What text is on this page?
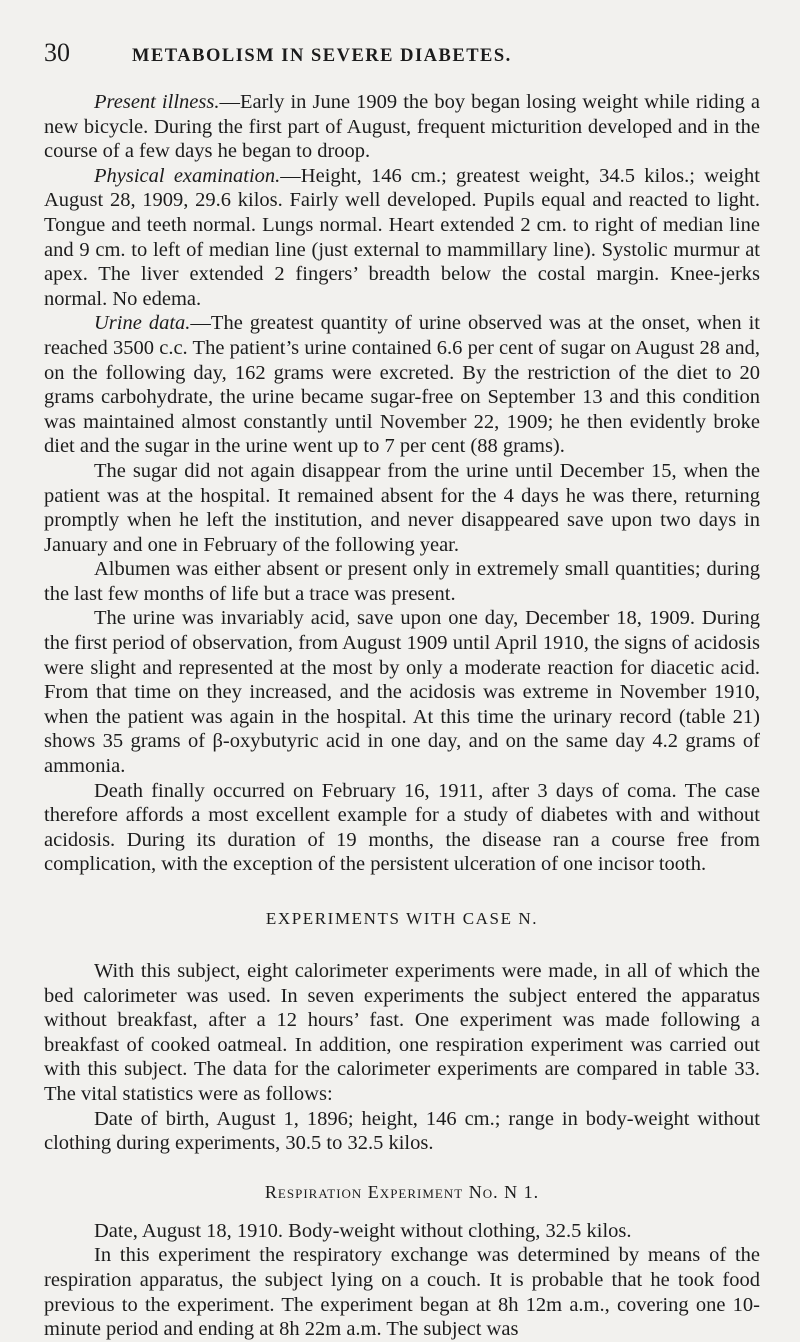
30	METABOLISM IN SEVERE DIABETES.

Present illness.—Early in June 1909 the boy began losing weight while riding a new bicycle. During the first part of August, frequent micturition developed and in the course of a few days he began to droop.

Physical examination.—Height, 146 cm.; greatest weight, 34.5 kilos.; weight August 28, 1909, 29.6 kilos. Fairly well developed. Pupils equal and reacted to light. Tongue and teeth normal. Lungs normal. Heart extended 2 cm. to right of median line and 9 cm. to left of median line (just external to mammillary line). Systolic murmur at apex. The liver extended 2 fingers’ breadth below the costal margin. Knee-jerks normal. No edema.

Urine data.—The greatest quantity of urine observed was at the onset, when it reached 3500 c.c. The patient’s urine contained 6.6 per cent of sugar on August 28 and, on the following day, 162 grams were excreted. By the restriction of the diet to 20 grams carbohydrate, the urine became sugar-free on September 13 and this condition was maintained almost constantly until November 22, 1909; he then evidently broke diet and the sugar in the urine went up to 7 per cent (88 grams).

The sugar did not again disappear from the urine until December 15, when the patient was at the hospital. It remained absent for the 4 days he was there, returning promptly when he left the institution, and never disappeared save upon two days in January and one in February of the following year.

Albumen was either absent or present only in extremely small quantities; during the last few months of life but a trace was present.

The urine was invariably acid, save upon one day, December 18, 1909. During the first period of observation, from August 1909 until April 1910, the signs of acidosis were slight and represented at the most by only a moderate reaction for diacetic acid. From that time on they increased, and the acidosis was extreme in November 1910, when the patient was again in the hospital. At this time the urinary record (table 21) shows 35 grams of β-oxybutyric acid in one day, and on the same day 4.2 grams of ammonia.

Death finally occurred on February 16, 1911, after 3 days of coma. The case therefore affords a most excellent example for a study of diabetes with and without acidosis. During its duration of 19 months, the disease ran a course free from complication, with the exception of the persistent ulceration of one incisor tooth.

EXPERIMENTS WITH CASE N.

With this subject, eight calorimeter experiments were made, in all of which the bed calorimeter was used. In seven experiments the subject entered the apparatus without breakfast, after a 12 hours’ fast. One experiment was made following a breakfast of cooked oatmeal. In addition, one respiration experiment was carried out with this subject. The data for the calorimeter experiments are compared in table 33. The vital statistics were as follows:

Date of birth, August 1, 1896; height, 146 cm.; range in body-weight without clothing during experiments, 30.5 to 32.5 kilos.

Respiration Experiment No. N 1.

Date, August 18, 1910. Body-weight without clothing, 32.5 kilos.

In this experiment the respiratory exchange was determined by means of the respiration apparatus, the subject lying on a couch. It is probable that he took food previous to the experiment. The experiment began at 8h 12m a.m., covering one 10-minute period and ending at 8h 22m a.m. The subject was
